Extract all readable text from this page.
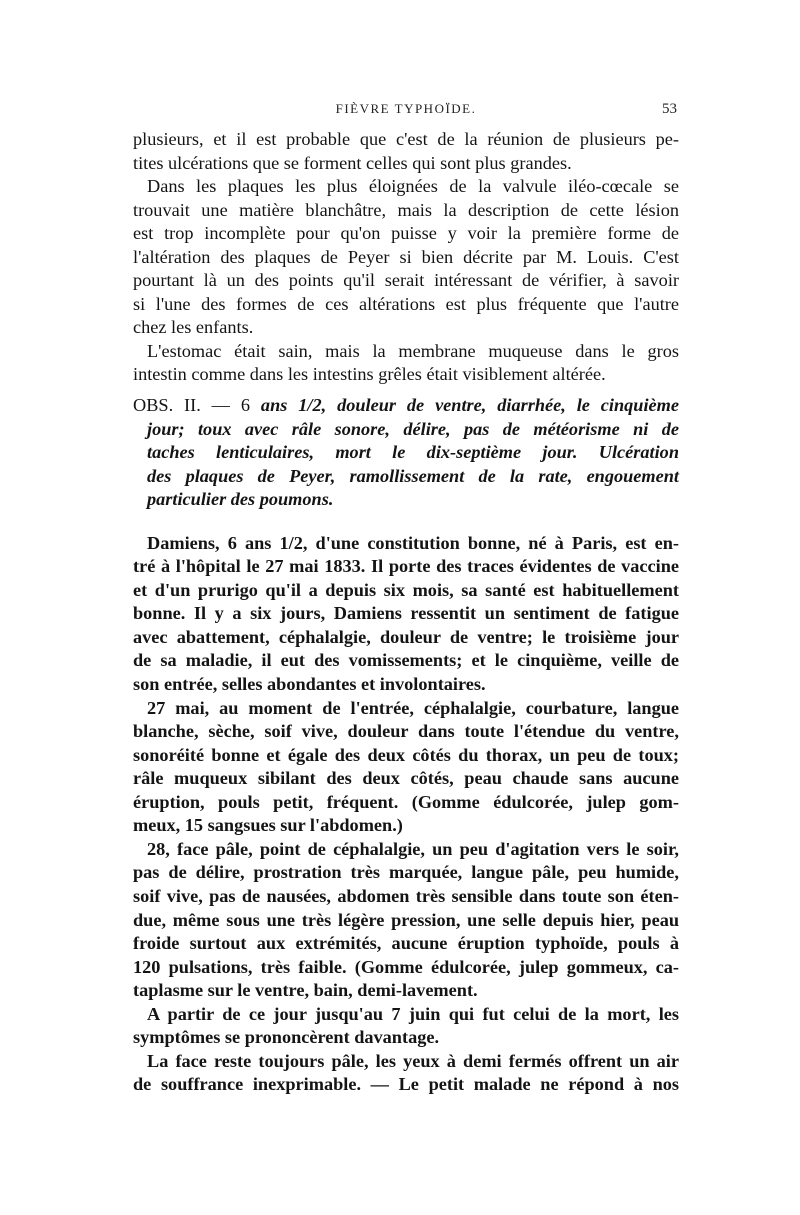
FIÈVRE TYPHOÏDE.	53
plusieurs, et il est probable que c'est de la réunion de plusieurs pe-
tites ulcérations que se forment celles qui sont plus grandes.
Dans les plaques les plus éloignées de la valvule iléo-cœcale se
trouvait une matière blanchâtre, mais la description de cette lésion
est trop incomplète pour qu'on puisse y voir la première forme de
l'altération des plaques de Peyer si bien décrite par M. Louis. C'est
pourtant là un des points qu'il serait intéressant de vérifier, à savoir
si l'une des formes de ces altérations est plus fréquente que l'autre
chez les enfants.
L'estomac était sain, mais la membrane muqueuse dans le gros
intestin comme dans les intestins grêles était visiblement altérée.
OBS. II. — 6 ans 1/2, douleur de ventre, diarrhée, le cinquième
jour; toux avec râle sonore, délire, pas de météorisme ni de
taches lenticulaires, mort le dix-septième jour. Ulcération
des plaques de Peyer, ramollissement de la rate, engouement
particulier des poumons.
Damiens, 6 ans 1/2, d'une constitution bonne, né à Paris, est en-
tré à l'hôpital le 27 mai 1833. Il porte des traces évidentes de vaccine
et d'un prurigo qu'il a depuis six mois, sa santé est habituellement
bonne. Il y a six jours, Damiens ressentit un sentiment de fatigue
avec abattement, céphalalgie, douleur de ventre; le troisième jour
de sa maladie, il eut des vomissements; et le cinquième, veille de
son entrée, selles abondantes et involontaires.
27 mai, au moment de l'entrée, céphalalgie, courbature, langue
blanche, sèche, soif vive, douleur dans toute l'étendue du ventre,
sonoréité bonne et égale des deux côtés du thorax, un peu de toux;
râle muqueux sibilant des deux côtés, peau chaude sans aucune
éruption, pouls petit, fréquent. (Gomme édulcorée, julep gom-
meux, 15 sangsues sur l'abdomen.)
28, face pâle, point de céphalalgie, un peu d'agitation vers le soir,
pas de délire, prostration très marquée, langue pâle, peu humide,
soif vive, pas de nausées, abdomen très sensible dans toute son éten-
due, même sous une très légère pression, une selle depuis hier, peau
froide surtout aux extrémités, aucune éruption typhoïde, pouls à
120 pulsations, très faible. (Gomme édulcorée, julep gommeux, ca-
taplasme sur le ventre, bain, demi-lavement.
A partir de ce jour jusqu'au 7 juin qui fut celui de la mort, les
symptômes se prononcèrent davantage.
La face reste toujours pâle, les yeux à demi fermés offrent un air
de souffrance inexprimable. — Le petit malade ne répond à nos
